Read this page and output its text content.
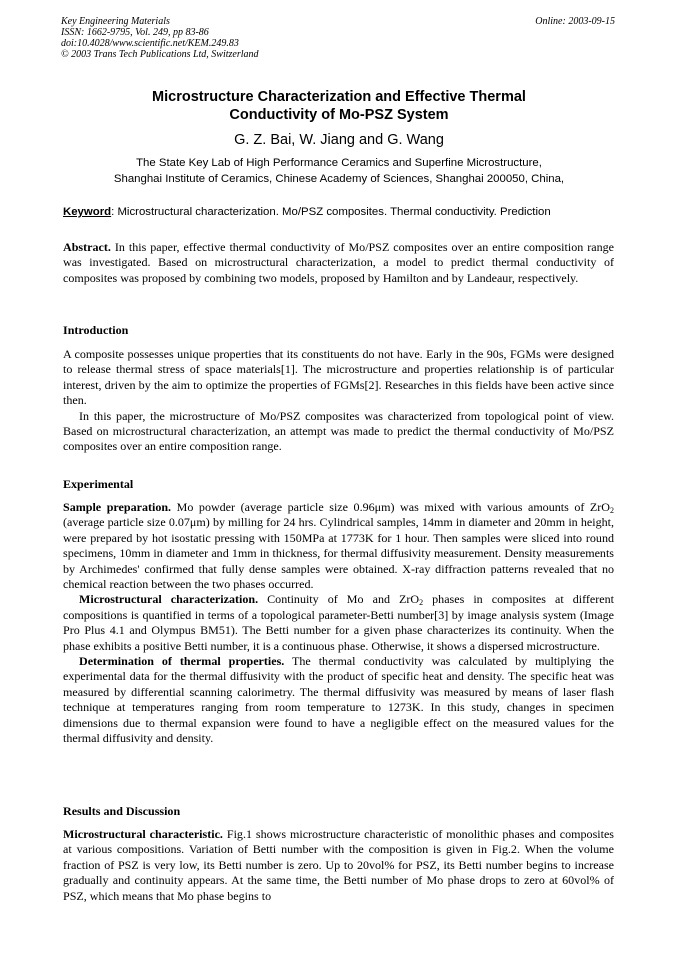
Key Engineering Materials
ISSN: 1662-9795, Vol. 249, pp 83-86
doi:10.4028/www.scientific.net/KEM.249.83
© 2003 Trans Tech Publications Ltd, Switzerland
Online: 2003-09-15
Microstructure Characterization and Effective Thermal
Conductivity of Mo-PSZ System
G. Z. Bai, W. Jiang and G. Wang
The State Key Lab of High Performance Ceramics and Superfine Microstructure,
Shanghai Institute of Ceramics, Chinese Academy of Sciences, Shanghai 200050, China,
Keyword: Microstructural characterization. Mo/PSZ composites. Thermal conductivity. Prediction

Abstract. In this paper, effective thermal conductivity of Mo/PSZ composites over an entire composition range was investigated. Based on microstructural characterization, a model to predict thermal conductivity of composites was proposed by combining two models, proposed by Hamilton and by Landeaur, respectively.

Introduction

A composite possesses unique properties that its constituents do not have. Early in the 90s, FGMs were designed to release thermal stress of space materials[1]. The microstructure and properties relationship is of particular interest, driven by the aim to optimize the properties of FGMs[2]. Researches in this fields have been active since then.

In this paper, the microstructure of Mo/PSZ composites was characterized from topological point of view. Based on microstructural characterization, an attempt was made to predict the thermal conductivity of Mo/PSZ composites over an entire composition range.

Experimental

Sample preparation. Mo powder (average particle size 0.96μm) was mixed with various amounts of ZrO$_2$ (average particle size 0.07μm) by milling for 24 hrs. Cylindrical samples, 14mm in diameter and 20mm in height, were prepared by hot isostatic pressing with 150MPa at 1773K for 1 hour. Then samples were sliced into round specimens, 10mm in diameter and 1mm in thickness, for thermal diffusivity measurement. Density measurements by Archimedes' confirmed that fully dense samples were obtained. X-ray diffraction patterns revealed that no chemical reaction between the two phases occurred.

Microstructural characterization. Continuity of Mo and ZrO$_2$ phases in composites at different compositions is quantified in terms of a topological parameter-Betti number[3] by image analysis system (Image Pro Plus 4.1 and Olympus BM51). The Betti number for a given phase characterizes its continuity. When the phase exhibits a positive Betti number, it is a continuous phase. Otherwise, it shows a dispersed microstructure.

Determination of thermal properties. The thermal conductivity was calculated by multiplying the experimental data for the thermal diffusivity with the product of specific heat and density. The specific heat was measured by differential scanning calorimetry. The thermal diffusivity was measured by means of laser flash technique at temperatures ranging from room temperature to 1273K. In this study, changes in specimen dimensions due to thermal expansion were found to have a negligible effect on the measured values for the thermal diffusivity and density.

Results and Discussion

Microstructural characteristic. Fig.1 shows microstructure characteristic of monolithic phases and composites at various compositions. Variation of Betti number with the composition is given in Fig.2. When the volume fraction of PSZ is very low, its Betti number is zero. Up to 20vol% for PSZ, its Betti number begins to increase gradually and continuity appears. At the same time, the Betti number of Mo phase drops to zero at 60vol% of PSZ, which means that Mo phase begins to
